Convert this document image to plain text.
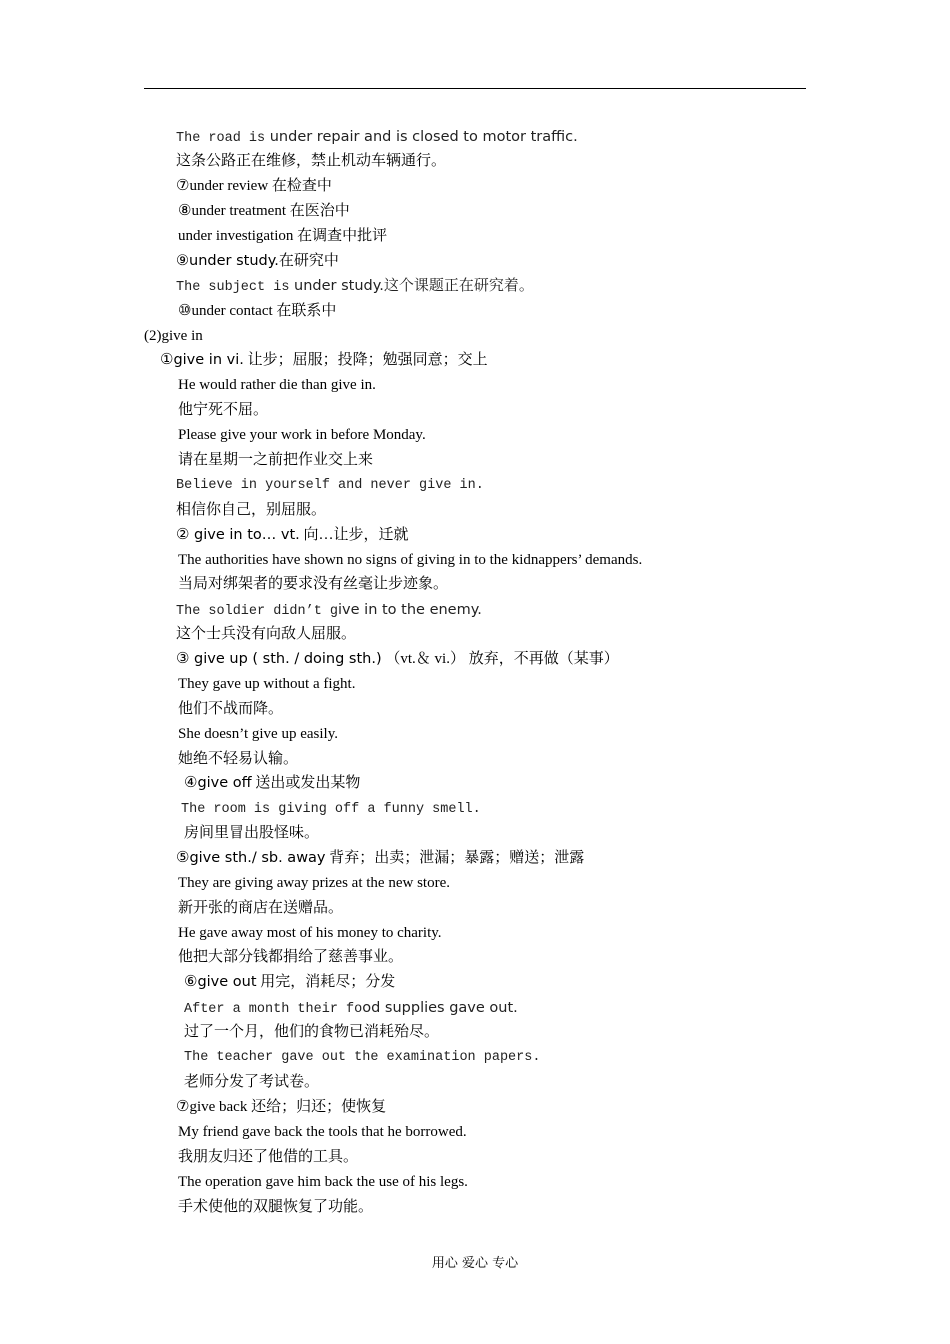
The road is under repair and is closed to motor traffic.
这条公路正在维修，禁止机动车辆通行。
⑦under review 在检查中
⑧under treatment 在医治中
under investigation 在调查中批评
⑨under study.在研究中
The subject is under study.这个课题正在研究着。
⑩under contact 在联系中
(2)give in
①give in vi. 让步；屈服；投降；勉强同意；交上
He would rather die than give in.
他宁死不屈。
Please give your work in before Monday.
请在星期一之前把作业交上来
Believe in yourself and never give in.
相信你自己，别屈服。
② give in to… vt. 向…让步，迁就
The authorities have shown no signs of giving in to the kidnappers’ demands.
当局对绑架者的要求没有丝毫让步迹象。
The soldier didn’t give in to the enemy.
这个士兵没有向敌人屈服。
③ give up ( sth. / doing sth.) （vt.＆ vi.） 放弃，不再做（某事）
They gave up without a fight.
他们不战而降。
She doesn’t give up easily.
她绝不轻易认输。
④give off 送出或发出某物
The room is giving off a funny smell.
房间里冒出股怪味。
⑤give sth./ sb. away 背弃；出卖；泄漏；暴露；赠送；泄露
They are giving away prizes at the new store.
新开张的商店在送赠品。
He gave away most of his money to charity.
他把大部分钱都捐给了慈善事业。
⑥give out 用完，消耗尽；分发
After a month their food supplies gave out.
过了一个月，他们的食物已消耗殆尽。
The teacher gave out the examination papers.
老师分发了考试卷。
⑦give back 还给；归还；使恢复
My friend gave back the tools that he borrowed.
我朋友归还了他借的工具。
The operation gave him back the use of his legs.
手术使他的双腿恢复了功能。
用心 爱心 专心
